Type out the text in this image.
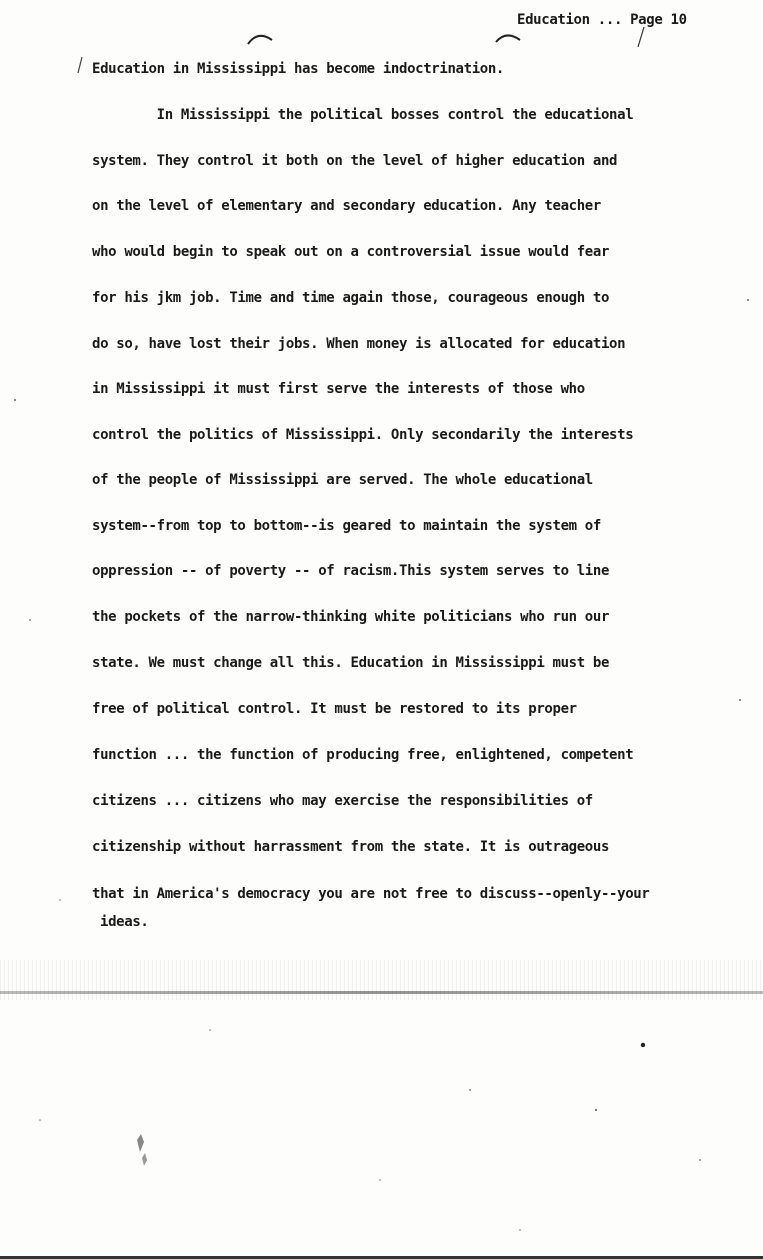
Education ... Page 10
Education in Mississippi has become indoctrination.
In Mississippi the political bosses control the educational
system. They control it both on the level of higher education and
on the level of elementary and secondary education. Any teacher
who would begin to speak out on a controversial issue would fear
for his jkm job. Time and time again those, courageous enough to
do so, have lost their jobs. When money is allocated for education
in Mississippi it must first serve the interests of those who
control the politics of Mississippi. Only secondarily the interests
of the people of Mississippi are served. The whole educational
system--from top to bottom--is geared to maintain the system of
oppression -- of poverty -- of racism.This system serves to line
the pockets of the narrow-thinking white politicians who run our
state. We must change all this. Education in Mississippi must be
free of political control. It must be restored to its proper
function ... the function of producing free, enlightened, competent
citizens ... citizens who may exercise the responsibilities of
citizenship without harrassment from the state. It is outrageous
that in America's democracy you are not free to discuss--openly--your
ideas.
